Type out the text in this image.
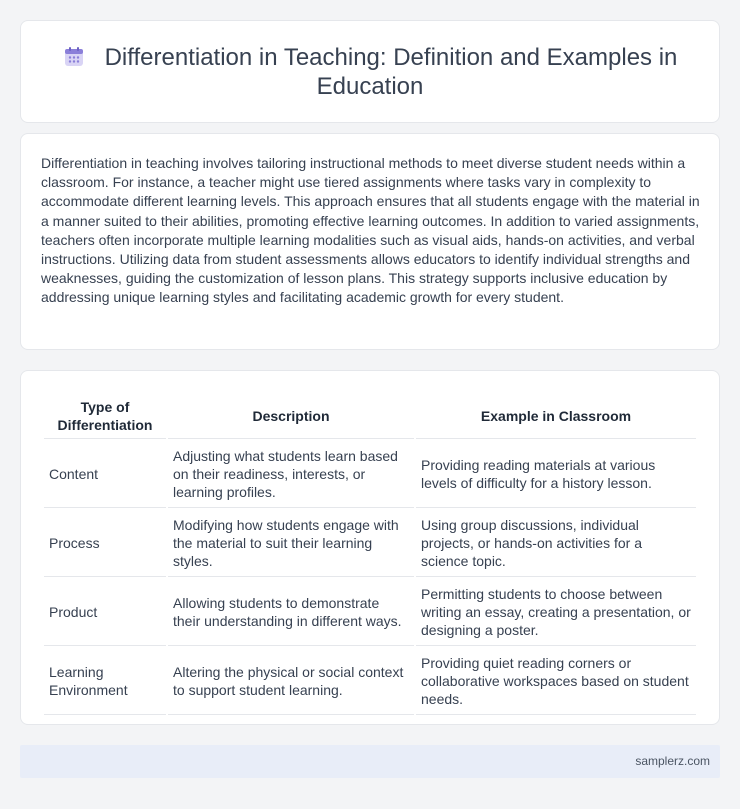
Differentiation in Teaching: Definition and Examples in Education

Differentiation in teaching involves tailoring instructional methods to meet diverse student needs within a classroom. For instance, a teacher might use tiered assignments where tasks vary in complexity to accommodate different learning levels. This approach ensures that all students engage with the material in a manner suited to their abilities, promoting effective learning outcomes. In addition to varied assignments, teachers often incorporate multiple learning modalities such as visual aids, hands-on activities, and verbal instructions. Utilizing data from student assessments allows educators to identify individual strengths and weaknesses, guiding the customization of lesson plans. This strategy supports inclusive education by addressing unique learning styles and facilitating academic growth for every student.

Type of Differentiation	Description	Example in Classroom
Content	Adjusting what students learn based on their readiness, interests, or learning profiles.	Providing reading materials at various levels of difficulty for a history lesson.
Process	Modifying how students engage with the material to suit their learning styles.	Using group discussions, individual projects, or hands-on activities for a science topic.
Product	Allowing students to demonstrate their understanding in different ways.	Permitting students to choose between writing an essay, creating a presentation, or designing a poster.
Learning Environment	Altering the physical or social context to support student learning.	Providing quiet reading corners or collaborative workspaces based on student needs.
samplerz.com
